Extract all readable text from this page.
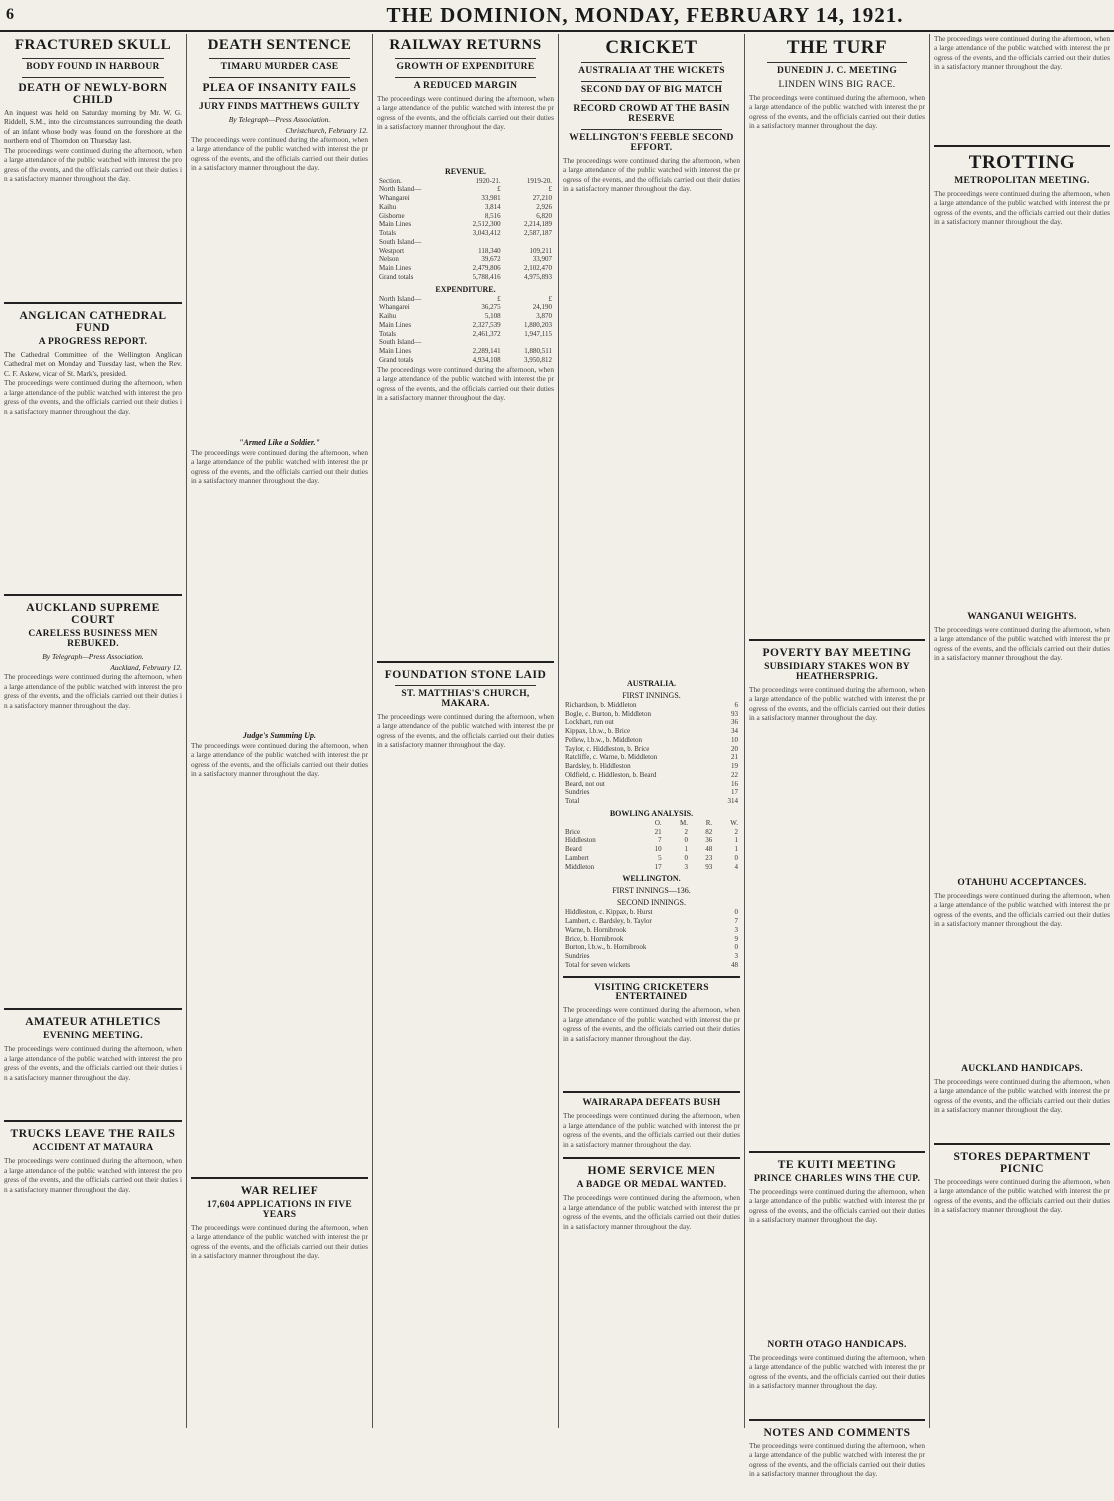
6	THE DOMINION, MONDAY, FEBRUARY 14, 1921.
FRACTURED SKULL
BODY FOUND IN HARBOUR
DEATH OF NEWLY-BORN CHILD

An inquest was held on Saturday morning by Mr. W. G. Riddell, S.M., into the circumstances surrounding the death of an infant whose body was found on the foreshore at the northern end of Thorndon on Thursday last.

The proceedings were continued during the afternoon, when a large attendance of the public watched with interest the progress of the events, and the officials carried out their duties in a satisfactory manner throughout the day.
ANGLICAN CATHEDRAL FUND
A PROGRESS REPORT.

The Cathedral Committee of the Wellington Anglican Cathedral met on Monday and Tuesday last, when the Rev. C. F. Askew, vicar of St. Mark's, presided.

The proceedings were continued during the afternoon, when a large attendance of the public watched with interest the progress of the events, and the officials carried out their duties in a satisfactory manner throughout the day.
AUCKLAND SUPREME COURT
CARELESS BUSINESS MEN REBUKED.
By Telegraph—Press Association.
Auckland, February 12.
The proceedings were continued during the afternoon, when a large attendance of the public watched with interest the progress of the events, and the officials carried out their duties in a satisfactory manner throughout the day.
AMATEUR ATHLETICS
EVENING MEETING.
The proceedings were continued during the afternoon, when a large attendance of the public watched with interest the progress of the events, and the officials carried out their duties in a satisfactory manner throughout the day.
TRUCKS LEAVE THE RAILS
ACCIDENT AT MATAURA
The proceedings were continued during the afternoon, when a large attendance of the public watched with interest the progress of the events, and the officials carried out their duties in a satisfactory manner throughout the day.
DEATH SENTENCE
TIMARU MURDER CASE
PLEA OF INSANITY FAILS
JURY FINDS MATTHEWS GUILTY
By Telegraph—Press Association.
Christchurch, February 12.
The proceedings were continued during the afternoon, when a large attendance of the public watched with interest the progress of the events, and the officials carried out their duties in a satisfactory manner throughout the day.
"Armed Like a Soldier."
The proceedings were continued during the afternoon, when a large attendance of the public watched with interest the progress of the events, and the officials carried out their duties in a satisfactory manner throughout the day.
Judge's Summing Up.
The proceedings were continued during the afternoon, when a large attendance of the public watched with interest the progress of the events, and the officials carried out their duties in a satisfactory manner throughout the day.
WAR RELIEF
17,604 APPLICATIONS IN FIVE YEARS
The proceedings were continued during the afternoon, when a large attendance of the public watched with interest the progress of the events, and the officials carried out their duties in a satisfactory manner throughout the day.
RAILWAY RETURNS
GROWTH OF EXPENDITURE
A REDUCED MARGIN
The proceedings were continued during the afternoon, when a large attendance of the public watched with interest the progress of the events, and the officials carried out their duties in a satisfactory manner throughout the day.
REVENUE.
Section.	1920-21.	1919-20.
North Island—	£	£
Whangarei	33,981	27,210
Kaihu	3,814	2,926
Gisborne	8,516	6,820
Main Lines	2,512,300	2,214,189
Totals	3,043,412	2,587,187
South Island—		
Westport	118,340	109,211
Nelson	39,672	33,907
Main Lines	2,479,806	2,102,470
Grand totals	5,788,416	4,975,893
EXPENDITURE.
North Island—	£	£
Whangarei	36,275	24,190
Kaihu	5,108	3,870
Main Lines	2,327,539	1,880,203
Totals	2,461,372	1,947,115
South Island—		
Main Lines	2,289,141	1,880,511
Grand totals	4,934,108	3,950,812
The proceedings were continued during the afternoon, when a large attendance of the public watched with interest the progress of the events, and the officials carried out their duties in a satisfactory manner throughout the day.
FOUNDATION STONE LAID
ST. MATTHIAS'S CHURCH, MAKARA.
The proceedings were continued during the afternoon, when a large attendance of the public watched with interest the progress of the events, and the officials carried out their duties in a satisfactory manner throughout the day.
CRICKET
AUSTRALIA AT THE WICKETS
SECOND DAY OF BIG MATCH
RECORD CROWD AT THE BASIN RESERVE
WELLINGTON'S FEEBLE SECOND EFFORT.
The proceedings were continued during the afternoon, when a large attendance of the public watched with interest the progress of the events, and the officials carried out their duties in a satisfactory manner throughout the day.
AUSTRALIA.
FIRST INNINGS.
Richardson, b. Middleton	6
Bogle, c. Burton, b. Middleton	93
Lockhart, run out	36
Kippax, l.b.w., b. Brice	34
Pellew, l.b.w., b. Middleton	10
Taylor, c. Hiddleston, b. Brice	20
Ratcliffe, c. Warne, b. Middleton	21
Bardsley, b. Hiddleston	19
Oldfield, c. Hiddleston, b. Beard	22
Beard, not out	16
Sundries	17
Total	314
BOWLING ANALYSIS.
	O.	M.	R.	W.
Brice	21	2	82	2
Hiddleston	7	0	36	1
Beard	10	1	48	1
Lambert	5	0	23	0
Middleton	17	3	93	4
WELLINGTON.
FIRST INNINGS—136.
SECOND INNINGS.
Hiddleston, c. Kippax, b. Hurst	0
Lambert, c. Bardsley, b. Taylor	7
Warne, b. Hornibrook	3
Brice, b. Hornibrook	9
Burton, l.b.w., b. Hornibrook	0
Sundries	3
Total for seven wickets	48
VISITING CRICKETERS ENTERTAINED
The proceedings were continued during the afternoon, when a large attendance of the public watched with interest the progress of the events, and the officials carried out their duties in a satisfactory manner throughout the day.
WAIRARAPA DEFEATS BUSH
The proceedings were continued during the afternoon, when a large attendance of the public watched with interest the progress of the events, and the officials carried out their duties in a satisfactory manner throughout the day.
HOME SERVICE MEN
A BADGE OR MEDAL WANTED.
The proceedings were continued during the afternoon, when a large attendance of the public watched with interest the progress of the events, and the officials carried out their duties in a satisfactory manner throughout the day.
THE TURF
DUNEDIN J. C. MEETING
LINDEN WINS BIG RACE.
The proceedings were continued during the afternoon, when a large attendance of the public watched with interest the progress of the events, and the officials carried out their duties in a satisfactory manner throughout the day.
POVERTY BAY MEETING
SUBSIDIARY STAKES WON BY HEATHERSPRIG.
The proceedings were continued during the afternoon, when a large attendance of the public watched with interest the progress of the events, and the officials carried out their duties in a satisfactory manner throughout the day.
TE KUITI MEETING
PRINCE CHARLES WINS THE CUP.
The proceedings were continued during the afternoon, when a large attendance of the public watched with interest the progress of the events, and the officials carried out their duties in a satisfactory manner throughout the day.
NORTH OTAGO HANDICAPS.
The proceedings were continued during the afternoon, when a large attendance of the public watched with interest the progress of the events, and the officials carried out their duties in a satisfactory manner throughout the day.
NOTES AND COMMENTS
The proceedings were continued during the afternoon, when a large attendance of the public watched with interest the progress of the events, and the officials carried out their duties in a satisfactory manner throughout the day.
The proceedings were continued during the afternoon, when a large attendance of the public watched with interest the progress of the events, and the officials carried out their duties in a satisfactory manner throughout the day.
TROTTING
METROPOLITAN MEETING.
The proceedings were continued during the afternoon, when a large attendance of the public watched with interest the progress of the events, and the officials carried out their duties in a satisfactory manner throughout the day.
WANGANUI WEIGHTS.
The proceedings were continued during the afternoon, when a large attendance of the public watched with interest the progress of the events, and the officials carried out their duties in a satisfactory manner throughout the day.
OTAHUHU ACCEPTANCES.
The proceedings were continued during the afternoon, when a large attendance of the public watched with interest the progress of the events, and the officials carried out their duties in a satisfactory manner throughout the day.
AUCKLAND HANDICAPS.
The proceedings were continued during the afternoon, when a large attendance of the public watched with interest the progress of the events, and the officials carried out their duties in a satisfactory manner throughout the day.
STORES DEPARTMENT PICNIC
The proceedings were continued during the afternoon, when a large attendance of the public watched with interest the progress of the events, and the officials carried out their duties in a satisfactory manner throughout the day.
